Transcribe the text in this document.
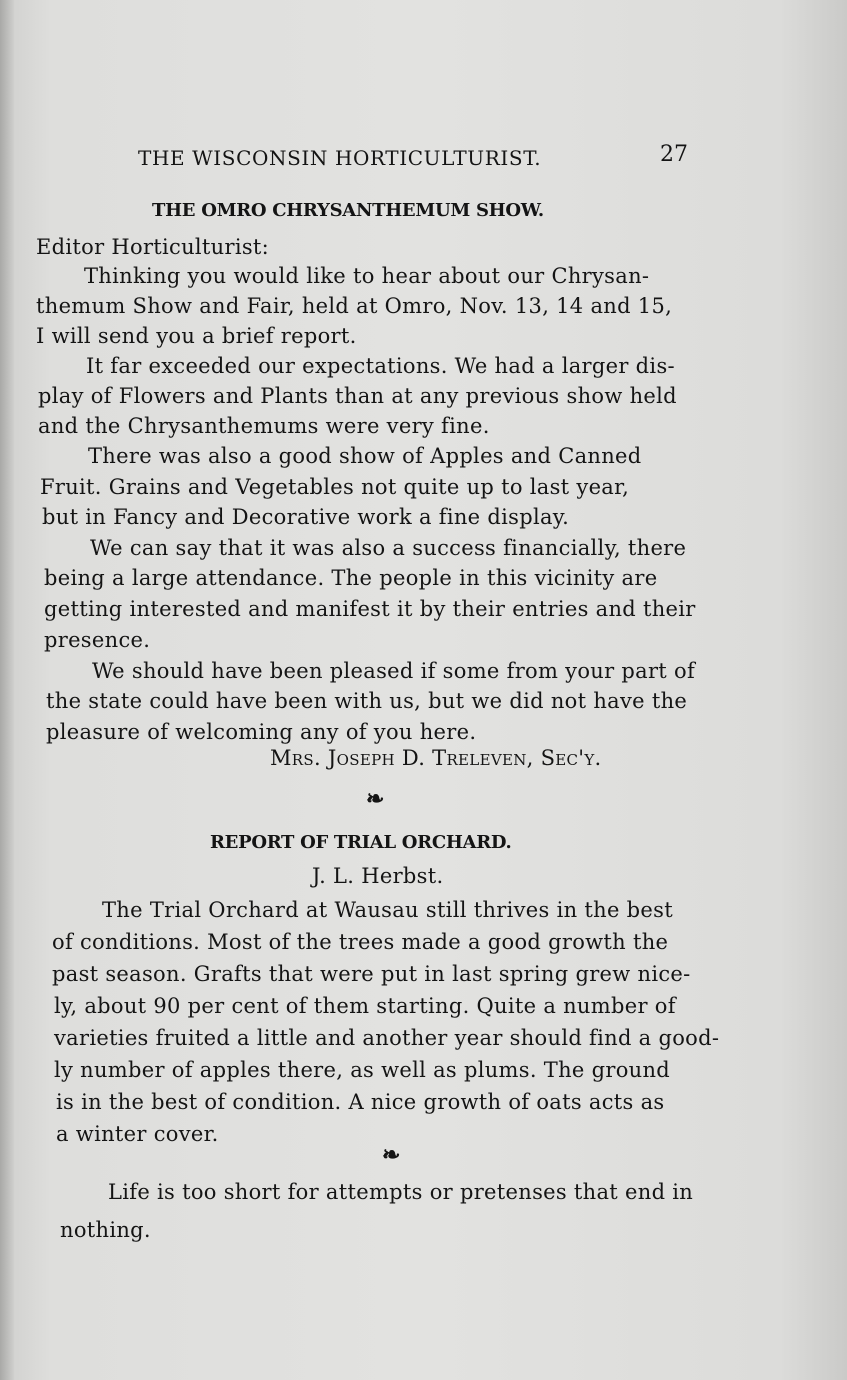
THE WISCONSIN HORTICULTURIST.	27
THE OMRO CHRYSANTHEMUM SHOW.
Editor Horticulturist:
Thinking you would like to hear about our Chrysan-
themum Show and Fair, held at Omro, Nov. 13, 14 and 15,
I will send you a brief report.
It far exceeded our expectations. We had a larger dis-
play of Flowers and Plants than at any previous show held
and the Chrysanthemums were very fine.
There was also a good show of Apples and Canned
Fruit. Grains and Vegetables not quite up to last year,
but in Fancy and Decorative work a fine display.
We can say that it was also a success financially, there
being a large attendance. The people in this vicinity are
getting interested and manifest it by their entries and their
presence.
We should have been pleased if some from your part of
the state could have been with us, but we did not have the
pleasure of welcoming any of you here.
Mrs. Joseph D. Treleven, Sec'y.
❧
REPORT OF TRIAL ORCHARD.
J. L. Herbst.
The Trial Orchard at Wausau still thrives in the best
of conditions. Most of the trees made a good growth the
past season. Grafts that were put in last spring grew nice-
ly, about 90 per cent of them starting. Quite a number of
varieties fruited a little and another year should find a good-
ly number of apples there, as well as plums. The ground
is in the best of condition. A nice growth of oats acts as
a winter cover.
❧
Life is too short for attempts or pretenses that end in
nothing.
